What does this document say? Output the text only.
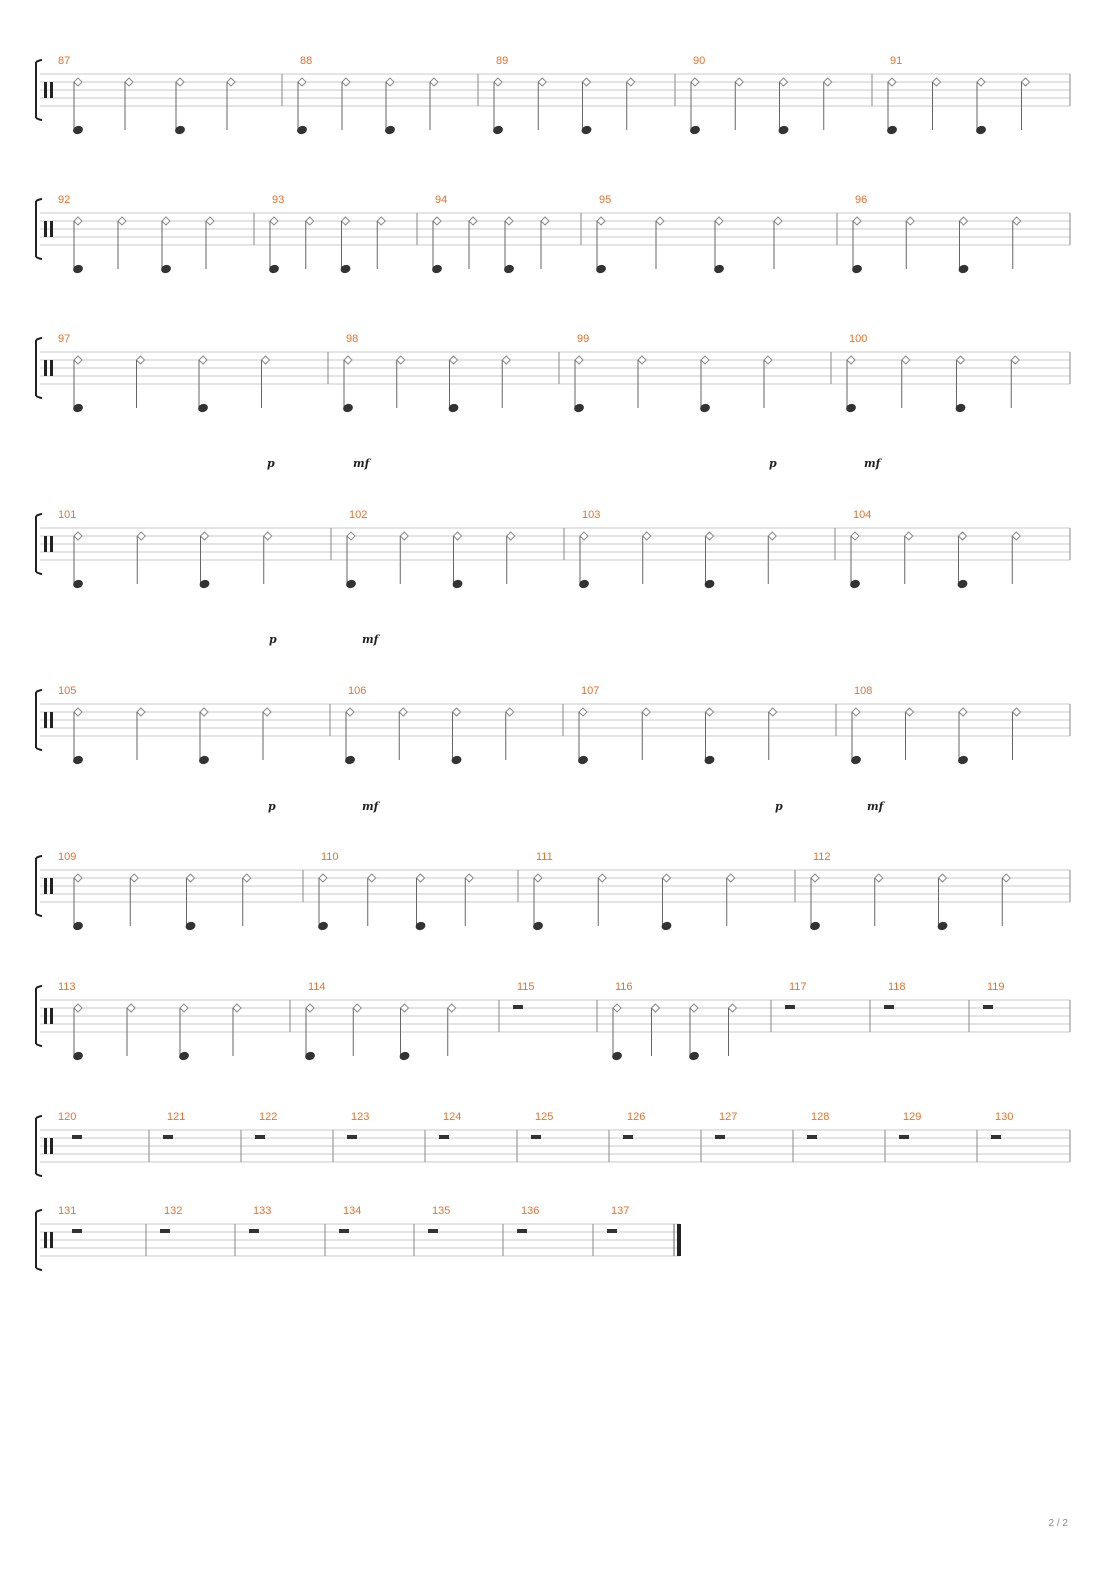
87	88	89	90	91
92	93	94	95	96
97	98	99	100
p	mf	p	mf
101	102	103	104
p	mf
105	106	107	108
p	mf	p	mf
109	110	111	112
113	114	115	116	117	118	119
120	121	122	123	124	125	126	127	128	129	130
131	132	133	134	135	136	137
2 / 2
